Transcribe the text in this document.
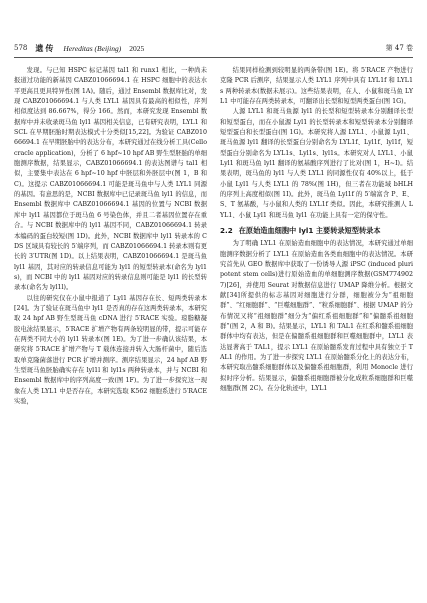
578 遗传 Hereditas (Beijing) 2025	第 47 卷

发现。与已知 HSPC 标记基因 tal1 和 runx1 相比，一种尚未报道过功能的新基因 CABZ01066694.1 在 HSPC 细胞中的表达水平更高且更具特异性(图 1A)。随后，通过 Ensembl 数据库比对，发现 CABZ01066694.1 与人类 LYL1 基因具有最高的相似性，序列相似度达到 86.667%，得分 166。然而，本研究发现 Ensembl 数据库中并未收录斑马鱼 lyl1 基因相关信息，已有研究表明，LYL1 和 SCL 在早期胚胎时期表达模式十分类似[15,22]。为验证 CABZ01066694.1 在早期胚胎中的表达分布，本研究通过在线分析工具(Cellocracle application)，分析了 6 hpf~10 hpf AB 野生型胚胎的单细胞测序数据，结果显示，CABZ01066694.1 的表达图谱与 tal1 相似，主要集中表达在 6 hpf~10 hpf 中胚层和外胚层中(图 1，B 和 C)。这提示 CABZ01066694.1 可能是斑马鱼中与人类 LYL1 同源的基因。有意思的是，NCBI 数据库中已记录斑马鱼 lyl1 的信息，而 Ensembl 数据库中 CABZ01066694.1 基因的位置与 NCBI 数据库中 lyl1 基因都位于斑马鱼 6 号染色体，并且二者基因位置存在重合。与 NCBI 数据库中的 lyl1 基因不同，CABZ01066694.1 转录本编码的蛋白较短(图 1D)。此外，NCBI 数据库中 lyl1 转录本的 CDS 区域具有较长的 5′端序列，而 CABZ01066694.1 转录本则有更长的 3′UTR(图 1D)。以上结果表明，CABZ01066694.1 是斑马鱼 lyl1 基因，其对应的转录信息可能为 lyl1 的短型转录本(命名为 lyl1s)，而 NCBI 中的 lyl1 基因对应的转录信息则可能是 lyl1 的长型转录本(命名为 lyl1l)。

以往的研究仅在小鼠中报道了 Lyl1 基因存在长、短两类转录本[24]。为了验证在斑马鱼中 lyl1 是否真的存在这两类转录本，本研究取 24 hpf AB 野生型斑马鱼 cDNA 进行 5′RACE 实验。琼脂糖凝胶电泳结果显示，5′RACE 扩增产物有两条较明显的带，提示可能存在两类不同大小的 lyl1 转录本(图 1E)。为了进一步确认该结果，本研究将 5′RACE 扩增产物与 T 载体连接并转入大肠杆菌中，随后选取单克隆菌落进行 PCR 扩增并测序。测序结果显示，24 hpf AB 野生型斑马鱼胚胎确实存在 lyl1l 和 lyl1s 两种转录本，并与 NCBI 和 Ensembl 数据库中的序列高度一致(图 1F)。为了进一步探究这一现象在人类 LYL1 中是否存在，本研究选取 K562 细胞系进行 5′RACE 实验，

结果同样检测到较明显的两条带(图 1E)。将 5′RACE 产物进行克隆 PCR 后测序，结果显示人类 LYL1 序列中具有 LYL1f 和 LYL1s 两种转录本(数据未展示)。这些结果表明，在人、小鼠和斑马鱼 LYL1 中可能存在两类转录本，可翻译出长型和短型两类蛋白(图 1G)。

人源 LYL1 和斑马鱼源 lyl1 的长型和短型转录本分别翻译长型和短型蛋白，而在小鼠源 Lyl1 的长型转录本和短型转录本分别翻译短型蛋白和长型蛋白(图 1G)。本研究将人源 LYL1、小鼠源 Lyl1、斑马鱼源 lyl1 翻译的长型蛋白分别命名为 LYL1f、Lyl1f、lyl1f，短型蛋白分别命名为 LYL1s、Lyl1s、lyl1s。本研究对人 LYL1、小鼠 Lyl1 和斑马鱼 lyl1 翻译的氨基酸序列进行了比对(图 1，H~I)。结果表明，斑马鱼的 lyl1 与人类 LYL1 的同源性仅有 40%以上，低于小鼠 Lyl1 与人类 LYL1 的 78%(图 1H)，但三者在功能域 bHLH 的序列上高度相似(图 1I)。此外，斑马鱼 Lyl1f 的 5′端富含 P、E、S、T 氨基酸，与小鼠和人类的 LYL1f 类似。因此，本研究推测人 LYL1、小鼠 Lyl1 和斑马鱼 lyl1 在功能上具有一定的保守性。

2.2 在原始造血细胞中 lyl1 主要转录短型转录本

为了明确 LYL1 在原始造血细胞中的表达情况，本研究通过单细胞测序数据分析了 LYL1 在原始造血各类血细胞中的表达情况。本研究首先从 GEO 数据库中获取了一份诱导人源 iPSC (induced pluripotent stem cells)进行原始造血的单细胞测序数据(GSM7749027)[26]，并使用 Seurat 对数据信息进行 UMAP 降维分析。根据文献[34]所提供的标志基因对细胞进行分群，细胞被分为“祖细胞群”、“红细胞群”、“巨噬细胞群”、“粒系细胞群”、根据 UMAP 的分布情况又将“祖细胞群”细分为“偏红系祖细胞群”和“偏髓系祖细胞群”(图 2，A 和 B)。结果显示，LYL1 和 TAL1 在红系和髓系祖细胞群体中均有表达，但是在偏髓系祖细胞群和巨噬细胞群中，LYL1 表达显著高于 TAL1，提示 LYL1 在原始髓系发育过程中具有独立于 TAL1 的作用。为了进一步探究 LYL1 在原始髓系分化上的表达分布，本研究取出髓系细胞群体以及偏髓系祖细胞群，利用 Monocle 进行拟时序分析。结果显示，偏髓系祖细胞群被分化成粒系细胞群和巨噬细胞群(图 2C)。在分化轨迹中，LYL1
